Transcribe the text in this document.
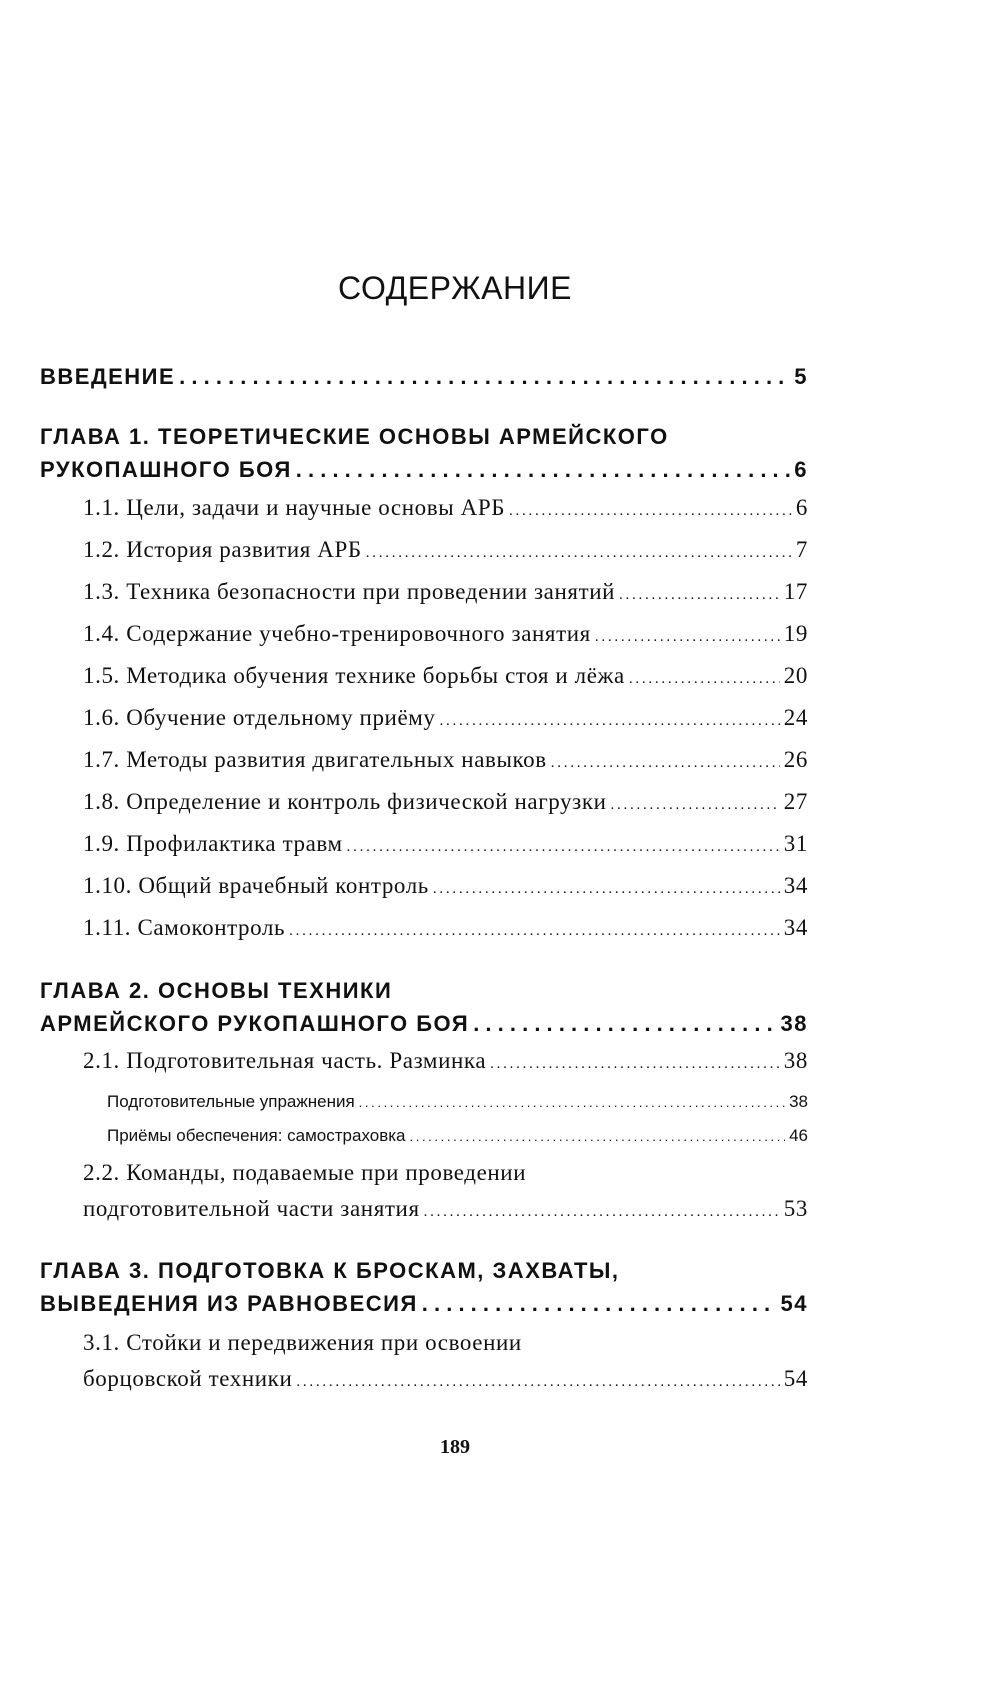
СОДЕРЖАНИЕ
ВВЕДЕНИЕ . . .	5
ГЛАВА 1. ТЕОРЕТИЧЕСКИЕ ОСНОВЫ АРМЕЙСКОГО
РУКОПАШНОГО БОЯ . . .	6
1.1. Цели, задачи и научные основы АРБ . . .	6
1.2. История развития АРБ . . .	7
1.3. Техника безопасности при проведении занятий . . .	17
1.4. Содержание учебно-тренировочного занятия . . .	19
1.5. Методика обучения технике борьбы стоя и лёжа . . .	20
1.6. Обучение отдельному приёму . . .	24
1.7. Методы развития двигательных навыков . . .	26
1.8. Определение и контроль физической нагрузки . . .	27
1.9. Профилактика травм . . .	31
1.10. Общий врачебный контроль . . .	34
1.11. Самоконтроль . . .	34
ГЛАВА 2. ОСНОВЫ ТЕХНИКИ
АРМЕЙСКОГО РУКОПАШНОГО БОЯ . . .	38
2.1. Подготовительная часть. Разминка . . .	38
Подготовительные упражнения . . .	38
Приёмы обеспечения: самостраховка . . .	46
2.2. Команды, подаваемые при проведении
подготовительной части занятия . . .	53
ГЛАВА 3. ПОДГОТОВКА К БРОСКАМ, ЗАХВАТЫ,
ВЫВЕДЕНИЯ ИЗ РАВНОВЕСИЯ . . .	54
3.1. Стойки и передвижения при освоении
борцовской техники . . .	54
189
